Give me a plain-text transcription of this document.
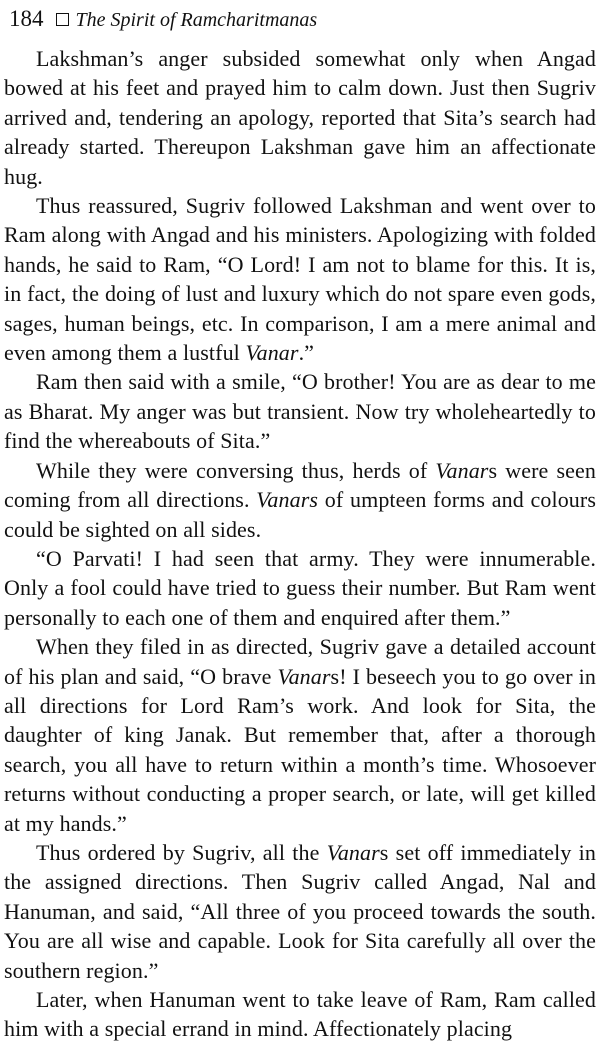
184 The Spirit of Ramcharitmanas

Lakshman’s anger subsided somewhat only when Angad bowed at his feet and prayed him to calm down. Just then Sugriv arrived and, tendering an apology, reported that Sita’s search had already started. Thereupon Lakshman gave him an affectionate hug.

Thus reassured, Sugriv followed Lakshman and went over to Ram along with Angad and his ministers. Apologizing with folded hands, he said to Ram, “O Lord! I am not to blame for this. It is, in fact, the doing of lust and luxury which do not spare even gods, sages, human beings, etc. In comparison, I am a mere animal and even among them a lustful Vanar.”

Ram then said with a smile, “O brother! You are as dear to me as Bharat. My anger was but transient. Now try wholeheartedly to find the whereabouts of Sita.”

While they were conversing thus, herds of Vanars were seen coming from all directions. Vanars of umpteen forms and colours could be sighted on all sides.

“O Parvati! I had seen that army. They were innumerable. Only a fool could have tried to guess their number. But Ram went personally to each one of them and enquired after them.”

When they filed in as directed, Sugriv gave a detailed account of his plan and said, “O brave Vanars! I beseech you to go over in all directions for Lord Ram’s work. And look for Sita, the daughter of king Janak. But remember that, after a thorough search, you all have to return within a month’s time. Whosoever returns without conducting a proper search, or late, will get killed at my hands.”

Thus ordered by Sugriv, all the Vanars set off immediately in the assigned directions. Then Sugriv called Angad, Nal and Hanuman, and said, “All three of you proceed towards the south. You are all wise and capable. Look for Sita carefully all over the southern region.”

Later, when Hanuman went to take leave of Ram, Ram called him with a special errand in mind. Affectionately placing
